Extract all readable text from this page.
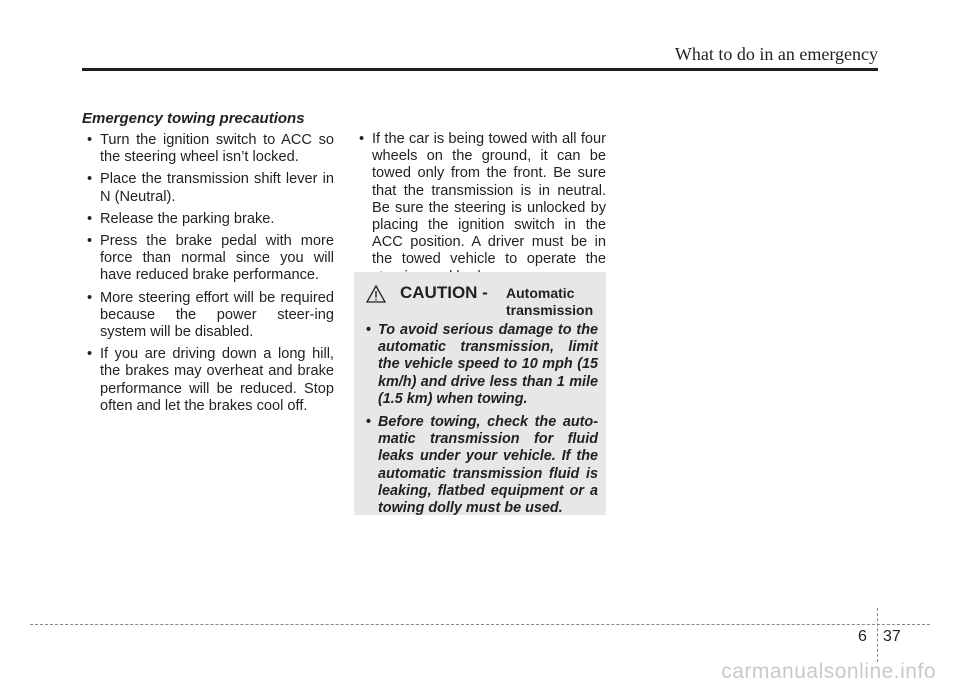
What to do in an emergency

Emergency towing precautions

• Turn the ignition switch to ACC so the steering wheel isn’t locked.
• Place the transmission shift lever in N (Neutral).
• Release the parking brake.
• Press the brake pedal with more force than normal since you will have reduced brake performance.
• More steering effort will be required because the power steer-ing system will be disabled.
• If you are driving down a long hill, the brakes may overheat and brake performance will be reduced. Stop often and let the brakes cool off.
• If the car is being towed with all four wheels on the ground, it can be towed only from the front. Be sure that the transmission is in neutral. Be sure the steering is unlocked by placing the ignition switch in the ACC position. A driver must be in the towed vehicle to operate the
CAUTION - Automatic transmission
• To avoid serious damage to the automatic transmission, limit the vehicle speed to 10 mph (15 km/h) and drive less than 1 mile (1.5 km) when towing.
• Before towing, check the auto-matic transmission for fluid leaks under your vehicle. If the automatic transmission fluid is leaking, flatbed equipment or a towing dolly must be used.
6 37
carmanualsonline.info
